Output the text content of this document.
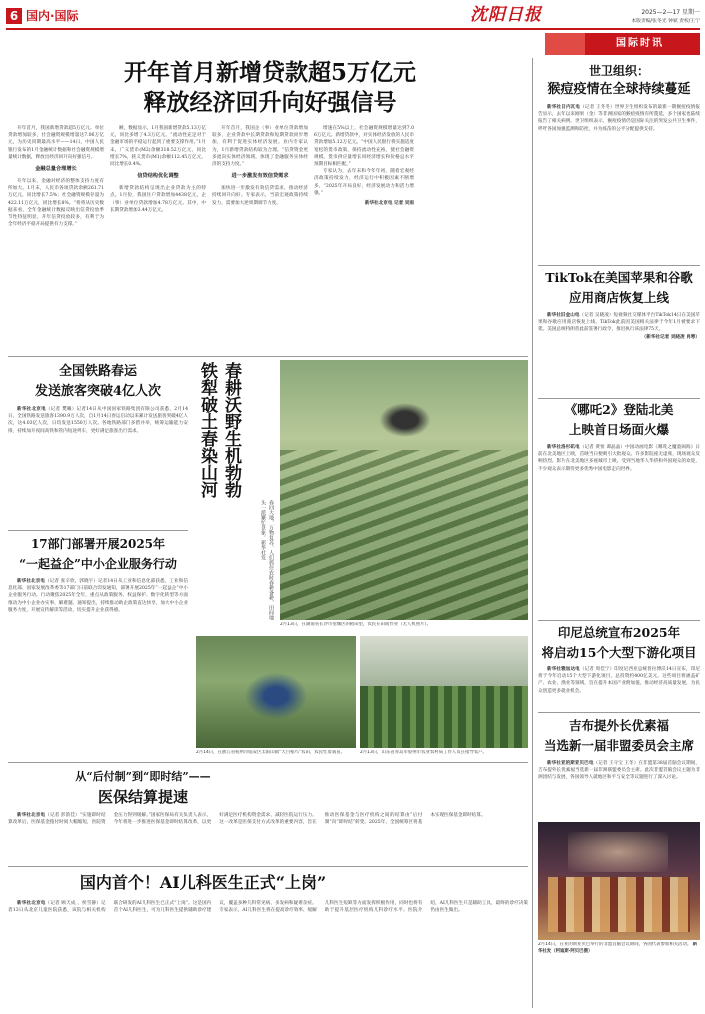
6 国内·国际	沈阳日报	2025—2—17 星期一
本版责编/张冬光 钟斌 责校/王宁
国际时讯
开年首月新增贷款超5万亿元
释放经济回升向好强信号

开年首月，我国新增贷款超5万亿元。单位贷款增加较多，社会融资规模增量达7.06万亿元，为历史同期最高水平——14日，中国人民银行发布的1月金融统计数据和社会融资规模增量统计数据，释放出经济回升向好强信号。

金融总量合理增长

开年以来，金融对经济的整体支持力度有所加大。1月末，人民币各项贷款余额261.71万亿元，同比增长7.5%；社会融资规模存量为422.11万亿元，同比增长8%。“将将从历史数据来看，全年金融统计数据反映出信贷投放季节性特征明显，开年信贷投放较多，有利于为全年经济平稳开局提供有力支撑。”

额，数据显示，1月我国新增贷款5.13万亿元，同比多增了4.3万亿元。“流动性充足对于金融市场的平稳运行起到了重要支撑作用。”1月末，广义货币(M2)余额318.52万亿元，同比增长7%，狭义货币(M1)余额112.45万亿元，同比增长0.4%。

信贷结构优化调整

新增贷款结构呈现出企业贷款为主的特点。1月份，我国住户贷款增加4438亿元，企（事）业单位贷款增加4.78万亿元。其中，中长期贷款增加3.44万亿元。

开年首月，我国企（事）业单位贷款增加较多，企业贷款中长期贷款和短期贷款同步增加，有利于促进实体经济发展。业内专家认为，1月新增贷款结构较为合理。“信贷资金更多流向实体经济领域，体现了金融服务实体经济的支持力度。”

进一步激发有效信贷需求

加快进一步激发有效信贷需求，推动经济持续回升向好。专家表示，当前宏观政策持续发力，需要加大逆周期调节力度。

增速在5%以上，社会融资规模增量达到7.06万亿元。新增贷款中，对实体经济发放的人民币贷款增加5.12万亿元。“中国人民银行将实施适度宽松的货币政策，保持流动性充裕，使社会融资规模、货币供应量增长同经济增长和价格总水平预期目标相匹配。”

专家认为，去年末和今年年初，随着宏观经济政策持续发力，经济运行中积极因素不断增多，“2025年开局良好，经济发展动力和活力增强。”

新华社北京电 记者 吴雨

世卫组织：
猴痘疫情在全球持续蔓延

新华社日内瓦电（记者 王冬冬）世界卫生组织发布的最新一期猴痘疫情报告显示，去年以来刚果（金）等非洲国家的猴痘疫情有所蔓延，多个国家也陆续报告了相关病例。世卫组织表示，猴痘疫情仍是国际关注的突发公共卫生事件，呼吁各国加强监测和防控，并为疫苗的公平分配提供支持。

TikTok在美国苹果和谷歌
应用商店恢复上线

新华社旧金山电（记者 吴晓凌）短视频社交媒体平台TikTok14日在美国苹果和谷歌应用商店恢复上线。TikTok此前因美国相关法律于今年1月被要求下架。美国总统特朗普此前签署行政令，推迟执行该法律75天。

（新华社记者 吴晓凌 肖寒）

《哪吒2》登陆北美
上映首日场面火爆

新华社洛杉矶电（记者 黄恒 谭晶晶）中国动画电影《哪吒之魔童闹海》日前在北美地区上映，首映当日便吸引大批观众。许多影院座无虚席，现场观众反响热烈。影片在北美地区多座城市上映，受到当地华人华侨和外国观众的欢迎，不少观众表示期待更多优秀中国电影走向世界。

印尼总统宣布2025年
将启动15个大型下游化项目

新华社雅加达电（记者 周佳宁）印度尼西亚总统普拉博沃14日宣布，印尼将于今年启动15个大型下游化项目，总投资约400亿美元。这些项目将涵盖矿产、农业、渔业等领域，旨在提升本国产业附加值，推动经济高质量发展，为民众创造更多就业机会。

吉布提外长优素福
当选新一届非盟委员会主席

新华社亚的斯亚贝巴电（记者 王守宝 王冬）在非盟第38届首脑会议期间，吉布提外长优素福当选新一届非洲联盟委员会主席。此次非盟首脑会议主题为非洲团结与发展，各国领导人就地区和平与安全等议题进行了深入讨论。

2月14日，在亚的斯亚贝巴举行的非盟首脑会议期间，各国代表参加相关活动。 新华社发（阿迪斯·阿贝巴摄）
全国铁路春运
发送旅客突破4亿人次

新华社北京电（记者 樊曦）记者14日从中国国家铁路集团有限公司获悉，2月14日，全国铁路发送旅客1390.9万人次，自1月14日春运启动以来累计发送旅客突破4亿人次，达4.03亿人次，日均发送1550万人次。各地铁路部门多措并举，统筹运输能力安排，持续加开夜间高铁和管内短途列车，更好满足旅客出行需求。

17部门部署开展2025年
“一起益企”中小企业服务行动

新华社北京电（记者 张辛欣、郭晓宇）记者14日从工业和信息化部获悉，工业和信息化部、国家发展改革委等17部门日前联合印发通知，部署开展2025年“一起益企”中小企业服务行动。行动聚焦2025年全年，重点从政策服务、权益保护、数字化转型等方面推动为中小企业办实事、解难题。通知提出，持续推动助企政策直达快享，加大中小企业服务力度，开展宣传解读等活动，切实提升企业获得感。

铁犁破土春染山河 春耕沃野生机勃勃
春回大地，万物复苏。人们抓住农时春耕备耕，田间地头一派繁忙景象。新华社发
2月13日，在湖南省长沙市望城区的稻田里，农民在田间作业（无人机照片）。
2月14日，在浙江省杭州市临安区太阳山镇“天目稻鸟”农田，农民忙着栽苗。	2月13日，山东省青岛市胶州市农业农村局工作人员在指导农户。
从“后付制”到“即时结”——
医保结算提速

新华社北京电（记者 彭韵佳）“实施即时结算改革后，医保基金拨付时间大幅缩短，医院资金压力得到缓解。”国家医保局有关负责人表示，今年将进一步推进医保基金即时结算改革，以更好满足医疗机构资金需求、减轻医院运行压力。这一改革是医保支付方式改革的重要内容，旨在推动医保基金与医疗机构之间的结算由“后付制”向“即时结”转变。2025年，全国统筹区将基本实现医保基金即时结算。

国内首个！AI儿科医生正式“上岗”

新华社北京电（记者 顾天成 、侯雪静）记者13日从北京儿童医院获悉，该院与相关机构联合研发的AI儿科医生已正式“上岗”。这是国内首个AI儿科医生，可为儿科医生提供辅助诊疗建议，覆盖多种儿科常见病、多发病和疑难杂症。专家表示，AI儿科医生将在提高诊疗效率、缓解儿科医生短缺等方面发挥积极作用，同时也将有助于提升基层医疗机构儿科诊疗水平。医院介绍，AI儿科医生只是辅助工具，最终的诊疗决策仍由医生做出。
